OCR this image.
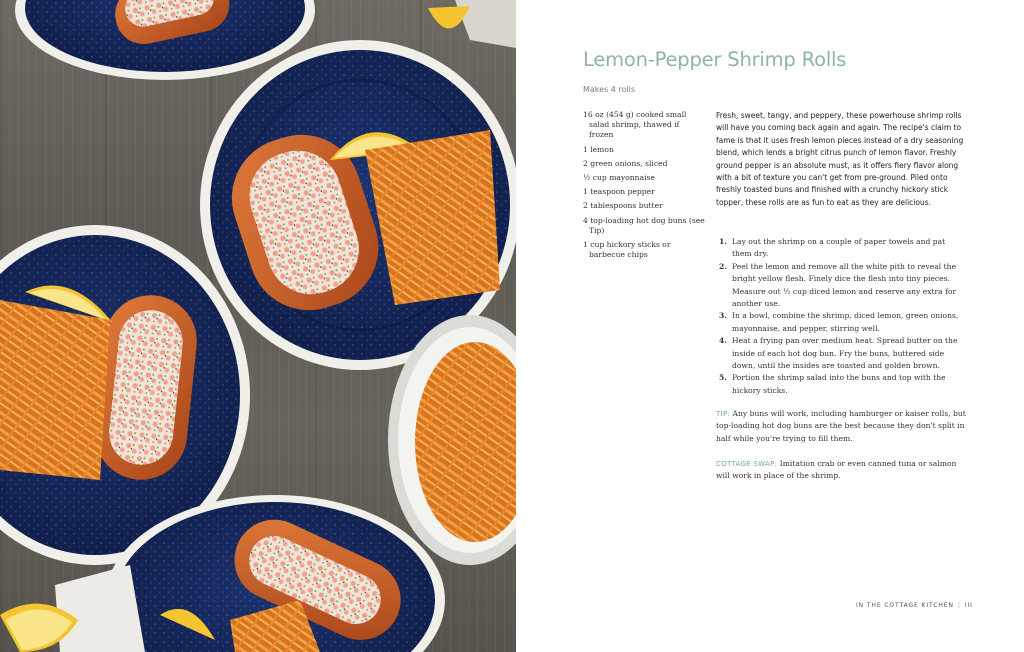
Lemon-Pepper Shrimp Rolls
Makes 4 rolls
16 oz (454 g) cooked small salad shrimp, thawed if frozen
1 lemon
2 green onions, sliced
½ cup mayonnaise
1 teaspoon pepper
2 tablespoons butter
4 top-loading hot dog buns (see Tip)
1 cup hickory sticks or barbecue chips

Fresh, sweet, tangy, and peppery, these powerhouse shrimp rolls will have you coming back again and again. The recipe's claim to fame is that it uses fresh lemon pieces instead of a dry seasoning blend, which lends a bright citrus punch of lemon flavor. Freshly ground pepper is an absolute must, as it offers fiery flavor along with a bit of texture you can't get from pre-ground. Piled onto freshly toasted buns and finished with a crunchy hickory stick topper, these rolls are as fun to eat as they are delicious.

1. Lay out the shrimp on a couple of paper towels and pat them dry.
2. Peel the lemon and remove all the white pith to reveal the bright yellow flesh. Finely dice the flesh into tiny pieces. Measure out ½ cup diced lemon and reserve any extra for another use.
3. In a bowl, combine the shrimp, diced lemon, green onions, mayonnaise, and pepper, stirring well.
4. Heat a frying pan over medium heat. Spread butter on the inside of each hot dog bun. Fry the buns, buttered side down, until the insides are toasted and golden brown.
5. Portion the shrimp salad into the buns and top with the hickory sticks.

TIP: Any buns will work, including hamburger or kaiser rolls, but top-loading hot dog buns are the best because they don't split in half while you're trying to fill them.

COTTAGE SWAP: Imitation crab or even canned tuna or salmon will work in place of the shrimp.

IN THE COTTAGE KITCHEN | III
